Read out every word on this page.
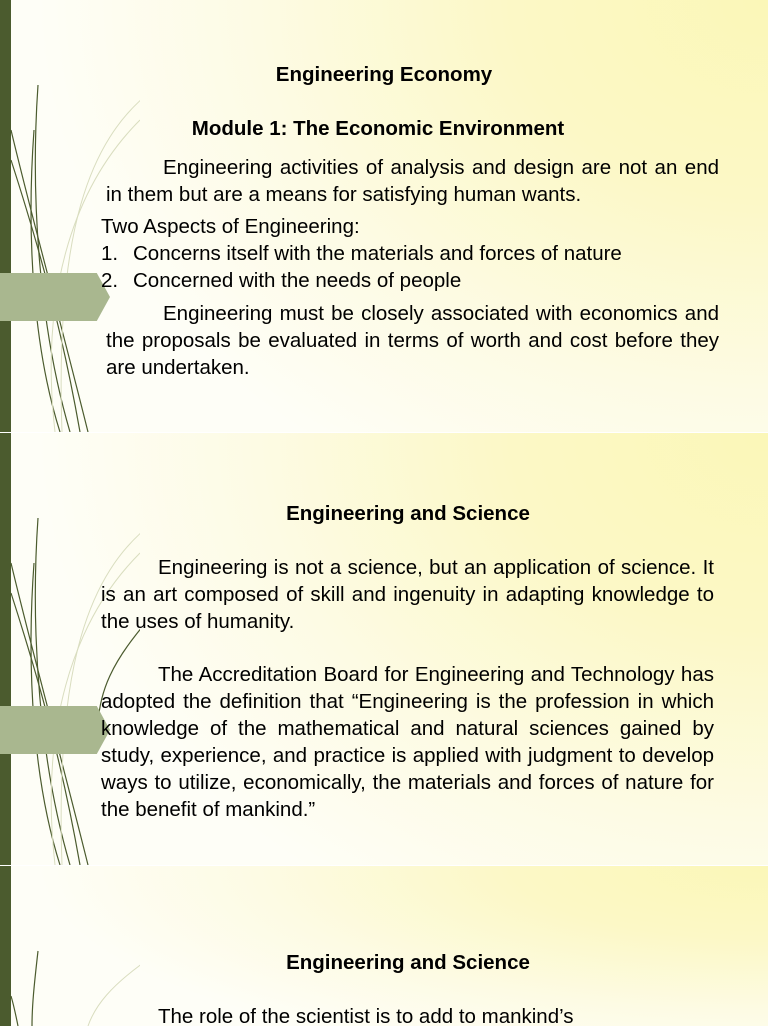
Engineering Economy
Module 1: The Economic Environment
Engineering activities of analysis and design are not an end in them but are a means for satisfying human wants.
Two Aspects of Engineering:
1. Concerns itself with the materials and forces of nature
2. Concerned with the needs of people
Engineering must be closely associated with economics and the proposals be evaluated in terms of worth and cost before they are undertaken.
Engineering and Science
Engineering is not a science, but an application of science. It is an art composed of skill and ingenuity in adapting knowledge to the uses of humanity.
The Accreditation Board for Engineering and Technology has adopted the definition that “Engineering is the profession in which knowledge of the mathematical and natural sciences gained by study, experience, and practice is applied with judgment to develop ways to utilize, economically, the materials and forces of nature for the benefit of mankind.”
Engineering and Science
The role of the scientist is to add to mankind’s
